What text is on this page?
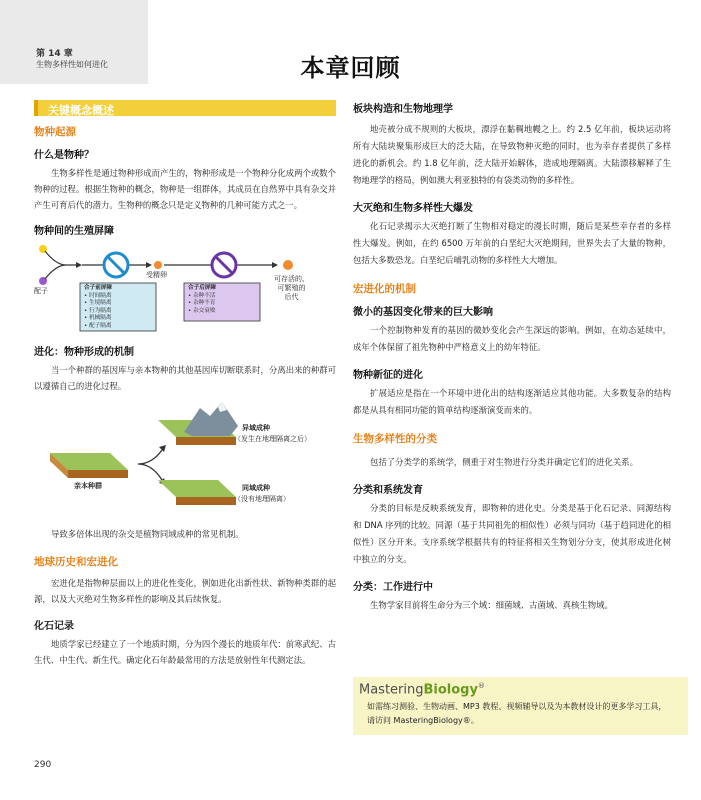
第 14 章
生物多样性如何进化	本章回顾
关键概念概述
物种起源
什么是物种？
生物多样性是通过物种形成而产生的，物种形成是一个物种分化成两个或数个物种的过程。根据生物种的概念，物种是一组群体，其成员在自然界中具有杂交并产生可育后代的潜力。生物种的概念只是定义物种的几种可能方式之一。
物种间的生殖屏障
配子
受精卵	可存活的、
可繁殖的
后代
合子前屏障
• 时间隔离
• 生境隔离
• 行为隔离
• 机械隔离
• 配子隔离
合子后屏障
• 杂种不活
• 杂种不育
• 杂交衰败
进化：物种形成的机制
当一个种群的基因库与亲本物种的其他基因库切断联系时，分离出来的种群可以遵循自己的进化过程。
异域成种
（发生在地理隔离之后）
同域成种
（没有地理隔离）
亲本种群
导致多倍体出现的杂交是植物同域成种的常见机制。
地球历史和宏进化
宏进化是指物种层面以上的进化性变化，例如进化出新性状、新物种类群的起源，以及大灭绝对生物多样性的影响及其后续恢复。
化石记录
地质学家已经建立了一个地质时期，分为四个漫长的地质年代：前寒武纪、古生代、中生代、新生代。确定化石年龄最常用的方法是放射性年代测定法。
板块构造和生物地理学
地壳被分成不规则的大板块，漂浮在黏稠地幔之上。约 2.5 亿年前，板块运动将所有大陆块聚集形成巨大的泛大陆，在导致物种灭绝的同时，也为幸存者提供了多样进化的新机会。约 1.8 亿年前，泛大陆开始解体，造成地理隔离。大陆漂移解释了生物地理学的格局，例如澳大利亚独特的有袋类动物的多样性。
大灭绝和生物多样性大爆发
化石记录揭示大灭绝打断了生物相对稳定的漫长时期，随后是某些幸存者的多样性大爆发。例如，在约 6500 万年前的白垩纪大灭绝期间，世界失去了大量的物种，包括大多数恐龙。白垩纪后哺乳动物的多样性大大增加。
宏进化的机制
微小的基因变化带来的巨大影响
一个控制物种发育的基因的微妙变化会产生深远的影响。例如，在幼态延续中，成年个体保留了祖先物种中严格意义上的幼年特征。
物种新征的进化
扩展适应是指在一个环境中进化出的结构逐渐适应其他功能。大多数复杂的结构都是从具有相同功能的简单结构逐渐演变而来的。
生物多样性的分类
包括了分类学的系统学，侧重于对生物进行分类并确定它们的进化关系。
分类和系统发育
分类的目标是反映系统发育，即物种的进化史。分类是基于化石记录、同源结构和 DNA 序列的比较。同源（基于共同祖先的相似性）必须与同功（基于趋同进化的相似性）区分开来。支序系统学根据共有的特征将相关生物划分分支，使其形成进化树中独立的分支。
分类：工作进行中
生物学家目前将生命分为三个域：细菌域、古菌域、真核生物域。
MasteringBiology®
如需练习测验、生物动画、MP3 教程、视频辅导以及为本教材设计的更多学习工具，请访问 MasteringBiology®。
290
